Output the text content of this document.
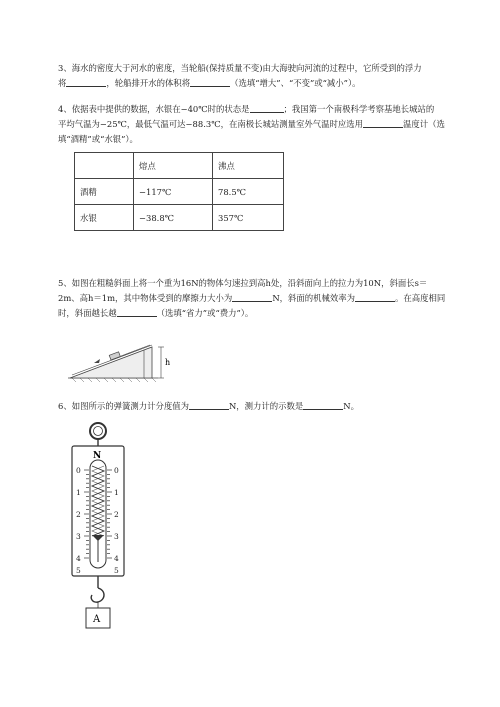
3、海水的密度大于河水的密度，当轮船(保持质量不变)由大海驶向河流的过程中，它所受到的浮力
将	，轮船排开水的体积将	（选填“增大”、“不变”或“减小”）。
4、依据表中提供的数据，水银在−40℃时的状态是	；我国第一个南极科学考察基地长城站的
平均气温为−25℃，最低气温可达−88.3℃，在南极长城站测量室外气温时应选用	温度计（选
填“酒精”或“水银”）。
	熔点	沸点
酒精	−117℃	78.5℃
水银	−38.8℃	357℃
5、如图在粗糙斜面上将一个重为16N的物体匀速拉到高h处，沿斜面向上的拉力为10N，斜面长s＝
2m、高h＝1m，其中物体受到的摩擦力大小为	N，斜面的机械效率为	。在高度相同
时，斜面越长越	（选填“省力”或“费力”）。
h
6、如图所示的弹簧测力计分度值为	N，测力计的示数是	N。
N
0
1
2
3
4
5
0
1
2
3
4
5
A
